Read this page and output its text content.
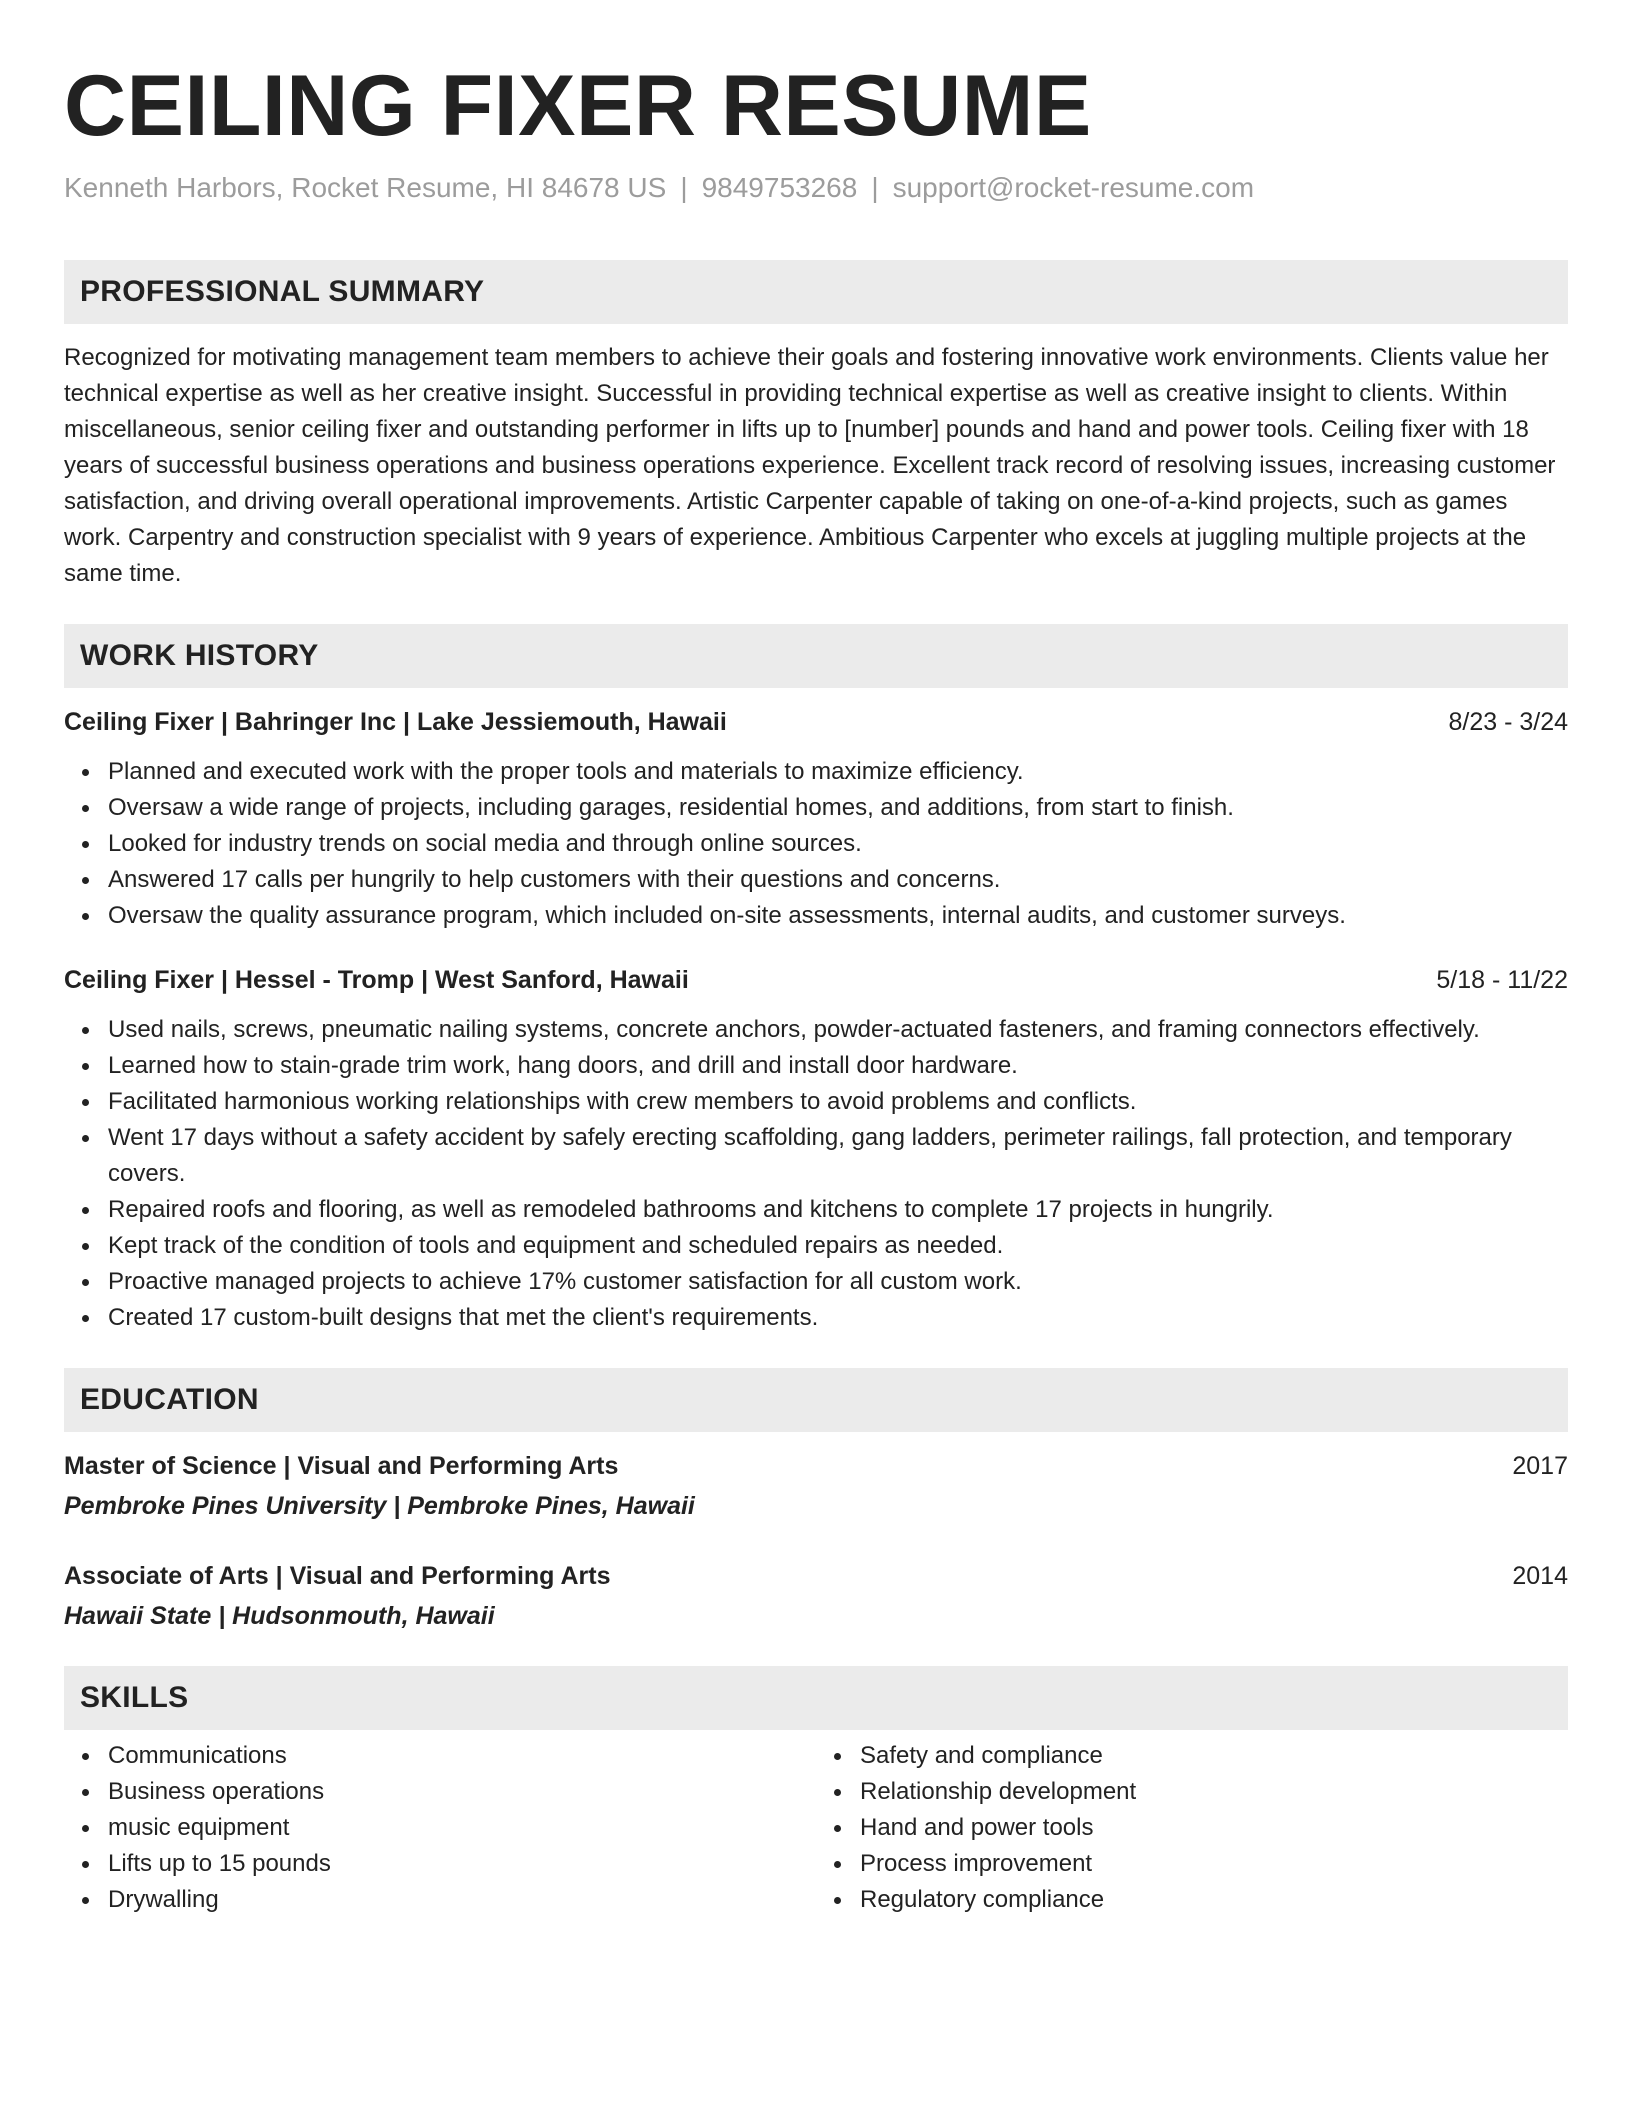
CEILING FIXER RESUME
Kenneth Harbors, Rocket Resume, HI 84678 US | 9849753268 | support@rocket-resume.com
PROFESSIONAL SUMMARY
Recognized for motivating management team members to achieve their goals and fostering innovative work environments. Clients value her technical expertise as well as her creative insight. Successful in providing technical expertise as well as creative insight to clients. Within miscellaneous, senior ceiling fixer and outstanding performer in lifts up to [number] pounds and hand and power tools. Ceiling fixer with 18 years of successful business operations and business operations experience. Excellent track record of resolving issues, increasing customer satisfaction, and driving overall operational improvements. Artistic Carpenter capable of taking on one-of-a-kind projects, such as games work. Carpentry and construction specialist with 9 years of experience. Ambitious Carpenter who excels at juggling multiple projects at the same time.
WORK HISTORY
Ceiling Fixer | Bahringer Inc | Lake Jessiemouth, Hawaii	8/23 - 3/24
Planned and executed work with the proper tools and materials to maximize efficiency.
Oversaw a wide range of projects, including garages, residential homes, and additions, from start to finish.
Looked for industry trends on social media and through online sources.
Answered 17 calls per hungrily to help customers with their questions and concerns.
Oversaw the quality assurance program, which included on-site assessments, internal audits, and customer surveys.
Ceiling Fixer | Hessel - Tromp | West Sanford, Hawaii	5/18 - 11/22
Used nails, screws, pneumatic nailing systems, concrete anchors, powder-actuated fasteners, and framing connectors effectively.
Learned how to stain-grade trim work, hang doors, and drill and install door hardware.
Facilitated harmonious working relationships with crew members to avoid problems and conflicts.
Went 17 days without a safety accident by safely erecting scaffolding, gang ladders, perimeter railings, fall protection, and temporary covers.
Repaired roofs and flooring, as well as remodeled bathrooms and kitchens to complete 17 projects in hungrily.
Kept track of the condition of tools and equipment and scheduled repairs as needed.
Proactive managed projects to achieve 17% customer satisfaction for all custom work.
Created 17 custom-built designs that met the client's requirements.
EDUCATION
Master of Science | Visual and Performing Arts	2017
Pembroke Pines University | Pembroke Pines, Hawaii
Associate of Arts | Visual and Performing Arts	2014
Hawaii State | Hudsonmouth, Hawaii
SKILLS
Communications
Business operations
music equipment
Lifts up to 15 pounds
Drywalling
Safety and compliance
Relationship development
Hand and power tools
Process improvement
Regulatory compliance
